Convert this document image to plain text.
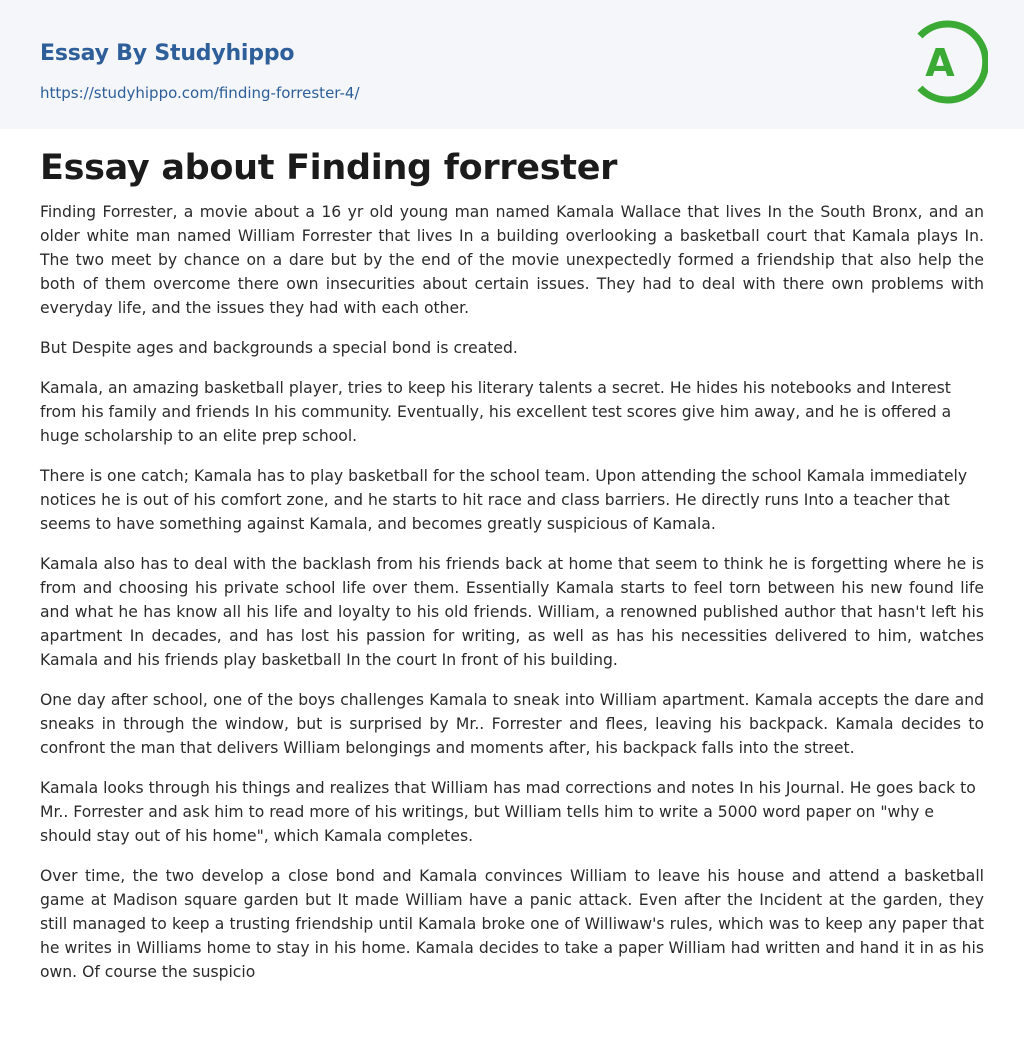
Essay By Studyhippo
https://studyhippo.com/finding-forrester-4/
A
Essay about Finding forrester

Finding Forrester, a movie about a 16 yr old young man named Kamala Wallace that lives In the South Bronx, and an older white man named William Forrester that lives In a building overlooking a basketball court that Kamala plays In. The two meet by chance on a dare but by the end of the movie unexpectedly formed a friendship that also help the both of them overcome there own insecurities about certain issues. They had to deal with there own problems with everyday life, and the issues they had with each other.

But Despite ages and backgrounds a special bond is created.

Kamala, an amazing basketball player, tries to keep his literary talents a secret. He hides his notebooks and Interest from his family and friends In his community. Eventually, his excellent test scores give him away, and he is offered a huge scholarship to an elite prep school.

There is one catch; Kamala has to play basketball for the school team. Upon attending the school Kamala immediately notices he is out of his comfort zone, and he starts to hit race and class barriers. He directly runs Into a teacher that seems to have something against Kamala, and becomes greatly suspicious of Kamala.

Kamala also has to deal with the backlash from his friends back at home that seem to think he is forgetting where he is from and choosing his private school life over them. Essentially Kamala starts to feel torn between his new found life and what he has know all his life and loyalty to his old friends. William, a renowned published author that hasn't left his apartment In decades, and has lost his passion for writing, as well as has his necessities delivered to him, watches Kamala and his friends play basketball In the court In front of his building.

One day after school, one of the boys challenges Kamala to sneak into William apartment. Kamala accepts the dare and sneaks in through the window, but is surprised by Mr.. Forrester and flees, leaving his backpack. Kamala decides to confront the man that delivers William belongings and moments after, his backpack falls into the street.

Kamala looks through his things and realizes that William has mad corrections and notes In his Journal. He goes back to Mr.. Forrester and ask him to read more of his writings, but William tells him to write a 5000 word paper on "why e should stay out of his home", which Kamala completes.

Over time, the two develop a close bond and Kamala convinces William to leave his house and attend a basketball game at Madison square garden but It made William have a panic attack. Even after the Incident at the garden, they still managed to keep a trusting friendship until Kamala broke one of Williwaw's rules, which was to keep any paper that he writes in Williams home to stay in his home. Kamala decides to take a paper William had written and hand it in as his own. Of course the suspicio
